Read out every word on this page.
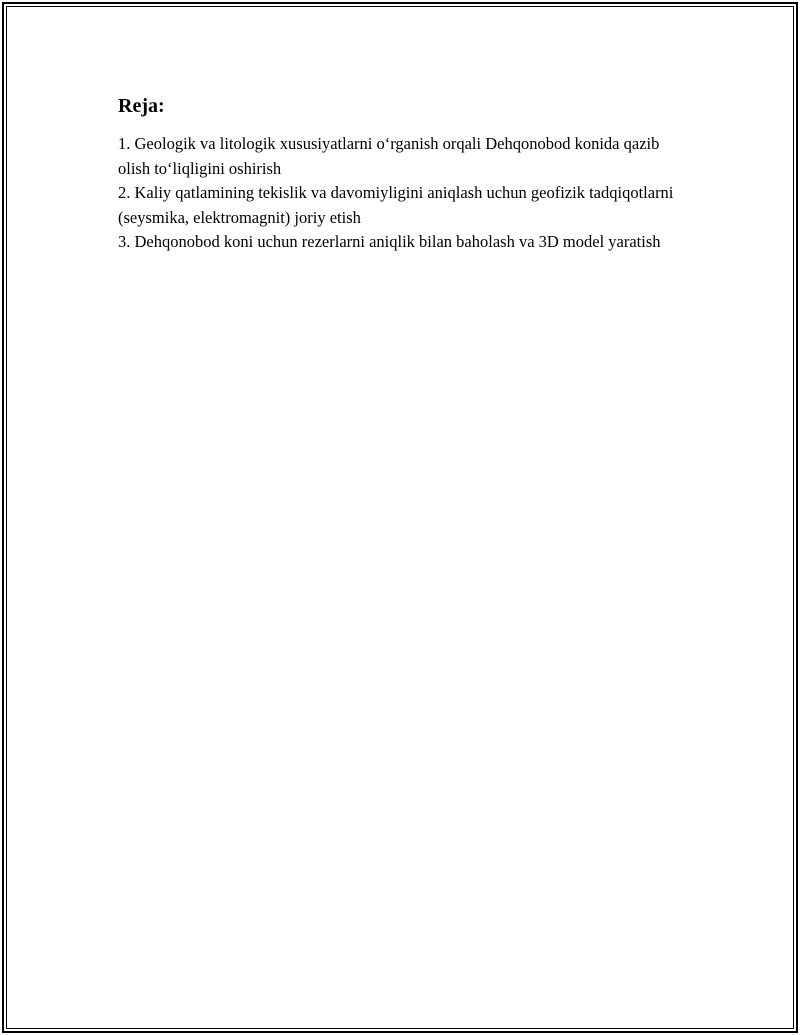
Reja:
1. Geologik va litologik xususiyatlarni o‘rganish orqali Dehqonobod konida qazib olish to‘liqligini oshirish
2. Kaliy qatlamining tekislik va davomiyligini aniqlash uchun geofizik tadqiqotlarni (seysmika, elektromagnit) joriy etish
3. Dehqonobod koni uchun rezerlarni aniqlik bilan baholash va 3D model yaratish
